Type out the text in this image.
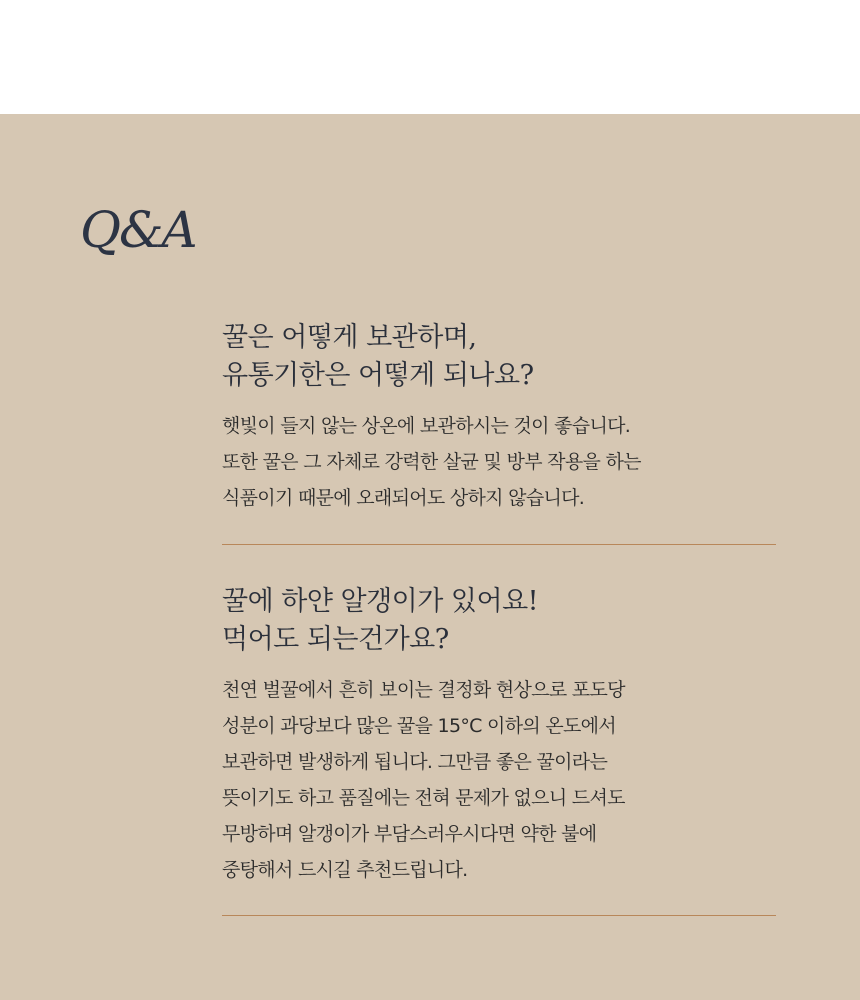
Q&A
꿀은 어떻게 보관하며,
유통기한은 어떻게 되나요?

햇빛이 들지 않는 상온에 보관하시는 것이 좋습니다.
또한 꿀은 그 자체로 강력한 살균 및 방부 작용을 하는
식품이기 때문에 오래되어도 상하지 않습니다.

꿀에 하얀 알갱이가 있어요!
먹어도 되는건가요?

천연 벌꿀에서 흔히 보이는 결정화 현상으로 포도당
성분이 과당보다 많은 꿀을 15°C 이하의 온도에서
보관하면 발생하게 됩니다. 그만큼 좋은 꿀이라는
뜻이기도 하고 품질에는 전혀 문제가 없으니 드셔도
무방하며 알갱이가 부담스러우시다면 약한 불에
중탕해서 드시길 추천드립니다.
